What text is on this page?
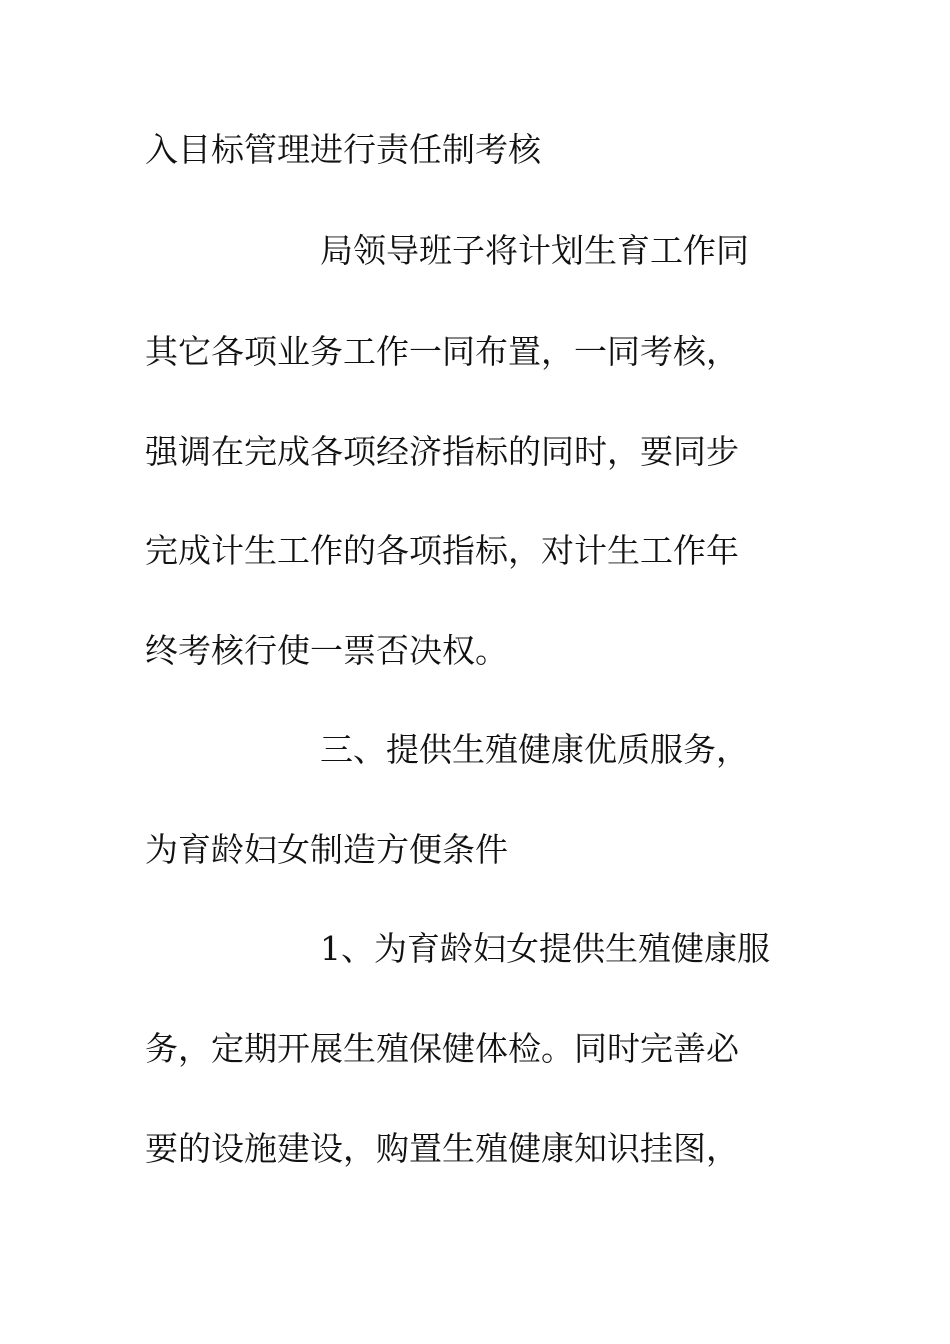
入目标管理进行责任制考核
局领导班子将计划生育工作同
其它各项业务工作一同布置，一同考核，
强调在完成各项经济指标的同时，要同步
完成计生工作的各项指标，对计生工作年
终考核行使一票否决权。
三、提供生殖健康优质服务，
为育龄妇女制造方便条件
1、为育龄妇女提供生殖健康服
务，定期开展生殖保健体检。同时完善必
要的设施建设，购置生殖健康知识挂图，
